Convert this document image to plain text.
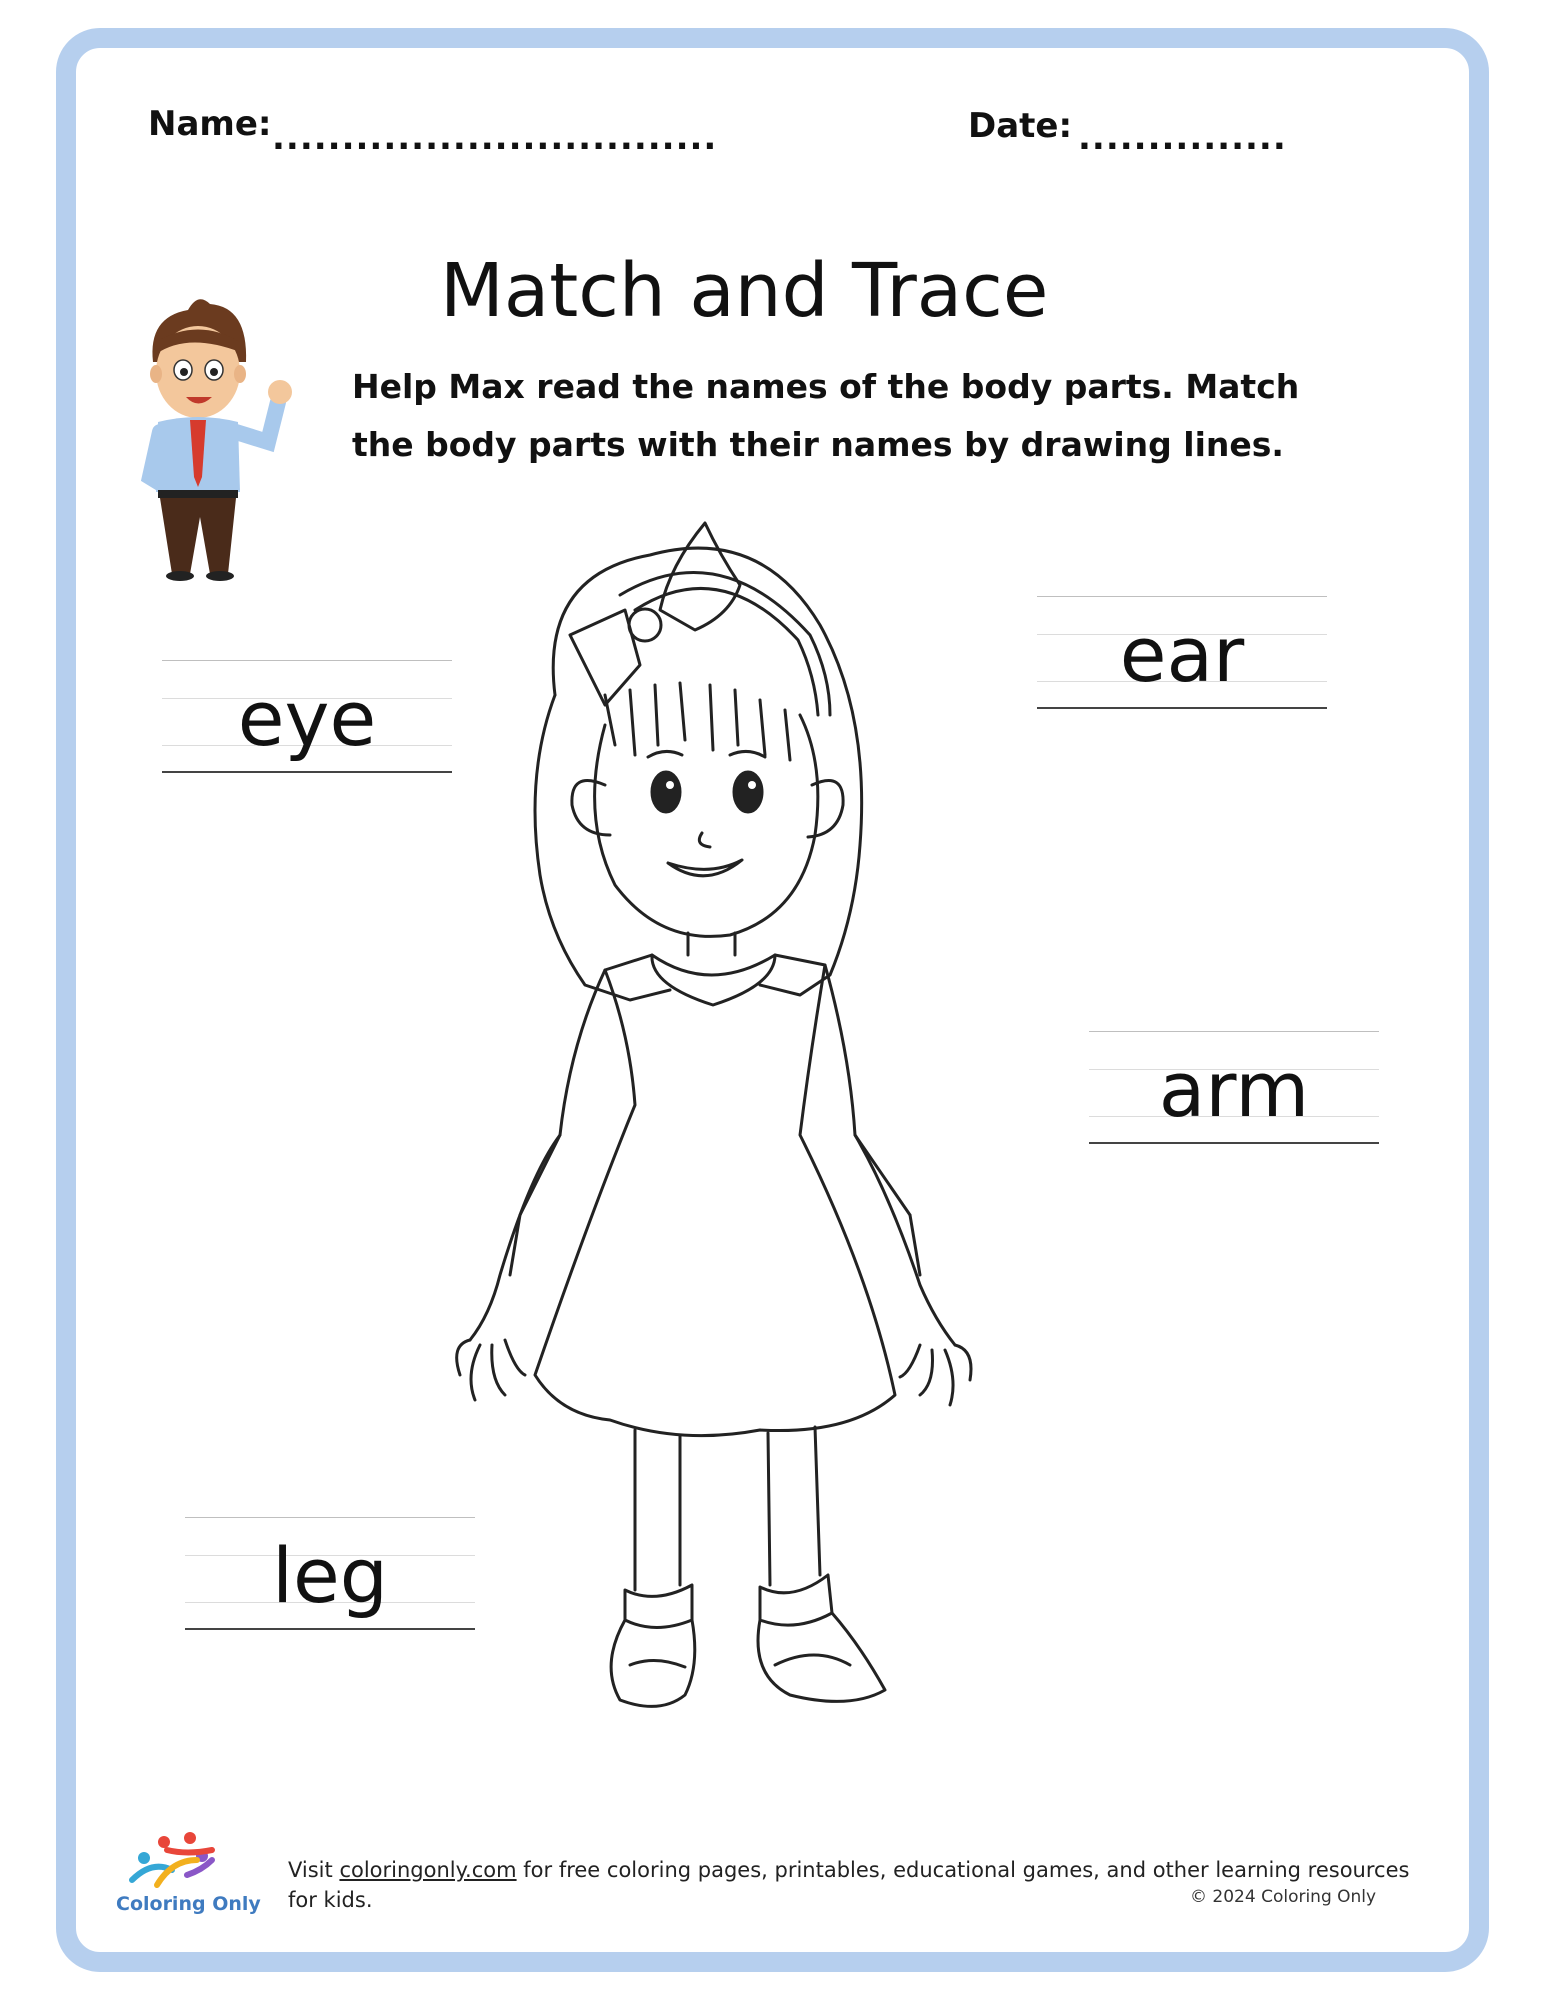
Name: ................................	Date: ...............
Match and Trace
Help Max read the names of the body parts. Match the body parts with their names by drawing lines.
eye
ear
arm
leg
Coloring Only
Visit coloringonly.com for free coloring pages, printables, educational games, and other learning resources for kids.	© 2024 Coloring Only
